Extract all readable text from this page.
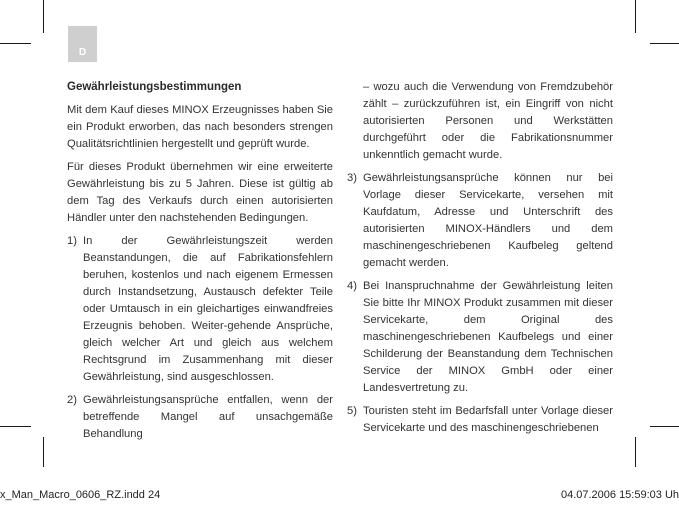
D
Gewährleistungsbestimmungen

Mit dem Kauf dieses MINOX Erzeugnisses haben Sie ein Produkt erworben, das nach besonders strengen Qualitätsrichtlinien hergestellt und geprüft wurde.

Für dieses Produkt übernehmen wir eine erweiterte Gewährleistung bis zu 5 Jahren. Diese ist gültig ab dem Tag des Verkaufs durch einen autorisierten Händler unter den nachstehenden Bedingungen.

1) In der Gewährleistungszeit werden Beanstandungen, die auf Fabrikationsfehlern beruhen, kostenlos und nach eigenem Ermessen durch Instandsetzung, Austausch defekter Teile oder Umtausch in ein gleichartiges einwandfreies Erzeugnis behoben. Weiter-gehende Ansprüche, gleich welcher Art und gleich aus welchem Rechtsgrund im Zusammenhang mit dieser Gewährleistung, sind ausgeschlossen.
2) Gewährleistungsansprüche entfallen, wenn der betreffende Mangel auf unsachgemäße Behandlung

– wozu auch die Verwendung von Fremdzubehör zählt – zurückzuführen ist, ein Eingriff von nicht autorisierten Personen und Werkstätten durchgeführt oder die Fabrikationsnummer unkenntlich gemacht wurde.

3) Gewährleistungsansprüche können nur bei Vorlage dieser Servicekarte, versehen mit Kaufdatum, Adresse und Unterschrift des autorisierten MINOX-Händlers und dem maschinengeschriebenen Kaufbeleg geltend gemacht werden.
4) Bei Inanspruchnahme der Gewährleistung leiten Sie bitte Ihr MINOX Produkt zusammen mit dieser Servicekarte, dem Original des maschinengeschriebenen Kaufbelegs und einer Schilderung der Beanstandung dem Technischen Service der MINOX GmbH oder einer Landesvertretung zu.
5) Touristen steht im Bedarfsfall unter Vorlage dieser Servicekarte und des maschinengeschriebenen
x_Man_Macro_0606_RZ.indd 24	04.07.2006 15:59:03 Uh
